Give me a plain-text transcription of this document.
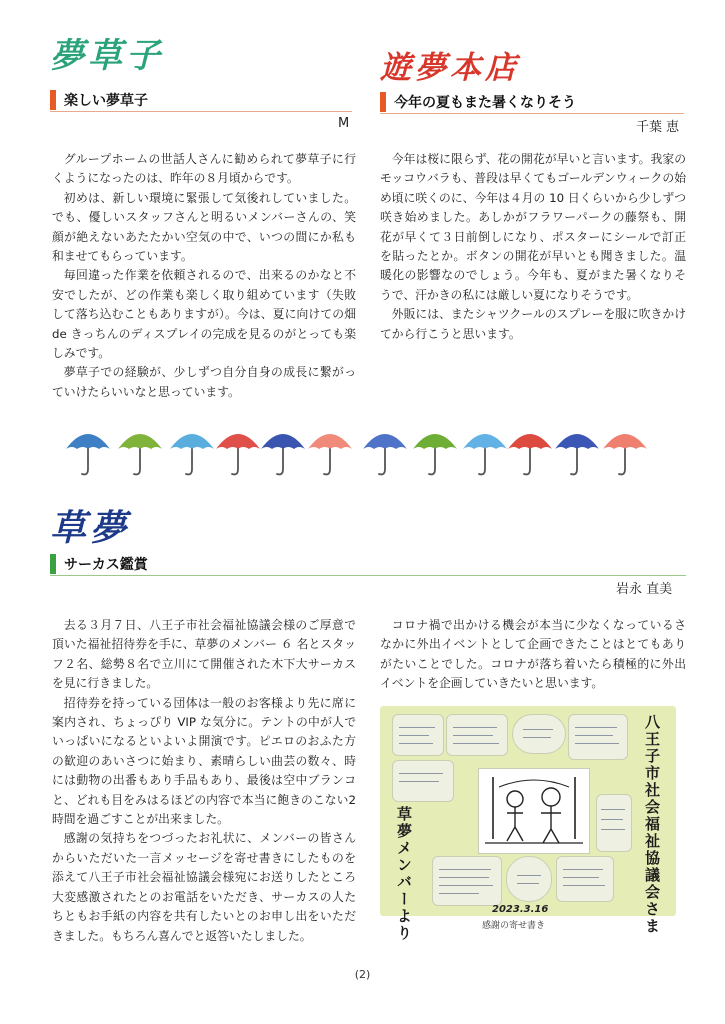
夢草子
楽しい夢草子
M

グループホームの世話人さんに勧められて夢草子に行くようになったのは、昨年の８月頃からです。

初めは、新しい環境に緊張して気後れしていました。でも、優しいスタッフさんと明るいメンバーさんの、笑顔が絶えないあたたかい空気の中で、いつの間にか私も和ませてもらっています。

毎回違った作業を依頼されるので、出来るのかなと不安でしたが、どの作業も楽しく取り組めています（失敗して落ち込むこともありますが）。今は、夏に向けての畑 de きっちんのディスプレイの完成を見るのがとっても楽しみです。

夢草子での経験が、少しずつ自分自身の成長に繋がっていけたらいいなと思っています。

遊夢本店
今年の夏もまた暑くなりそう
千葉 恵

今年は桜に限らず、花の開花が早いと言います。我家のモッコウバラも、普段は早くてもゴールデンウィークの始め頃に咲くのに、今年は４月の 10 日くらいから少しずつ咲き始めました。あしかがフラワーパークの藤祭も、開花が早くて３日前倒しになり、ポスターにシールで訂正を貼ったとか。ボタンの開花が早いとも聞きました。温暖化の影響なのでしょう。今年も、夏がまた暑くなりそうで、汗かきの私には厳しい夏になりそうです。

外販には、またシャツクールのスプレーを服に吹きかけてから行こうと思います。

草夢
サーカス鑑賞
岩永 直美

去る３月７日、八王子市社会福祉協議会様のご厚意で頂いた福祉招待券を手に、草夢のメンバー ６ 名とスタッフ２名、総勢８名で立川にて開催された木下大サーカスを見に行きました。

招待券を持っている団体は一般のお客様より先に席に案内され、ちょっぴり VIP な気分に。テントの中が人でいっぱいになるといよいよ開演です。ピエロのおふた方の歓迎のあいさつに始まり、素晴らしい曲芸の数々、時には動物の出番もあり手品もあり、最後は空中ブランコと、どれも目をみはるほどの内容で本当に飽きのこない2 時間を過ごすことが出来ました。

感謝の気持ちをつづったお礼状に、メンバーの皆さんからいただいた一言メッセージを寄せ書きにしたものを添えて八王子市社会福祉協議会様宛にお送りしたところ大変感激されたとのお電話をいただき、サーカスの人たちともお手紙の内容を共有したいとのお申し出をいただきました。もちろん喜んでと返答いたしました。

コロナ禍で出かける機会が本当に少なくなっているさなかに外出イベントとして企画できたことはとてもありがたいことでした。コロナが落ち着いたら積極的に外出イベントを企画していきたいと思います。

八王子市社会福祉協議会さま
草夢メンバーより	2023.3.16
感謝の寄せ書き
(2)
